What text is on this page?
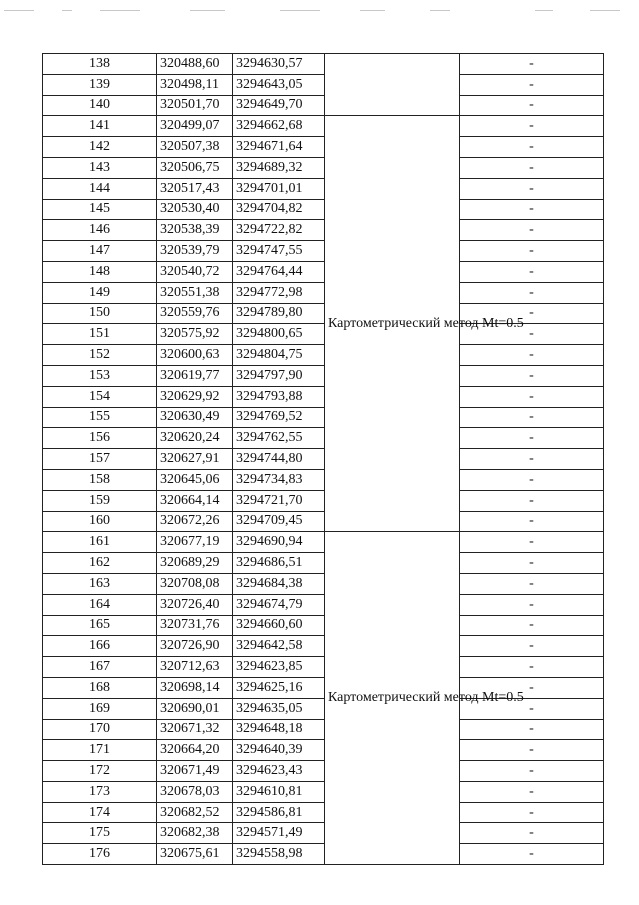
138	320488,60	3294630,57		-
139	320498,11	3294643,05		-
140	320501,70	3294649,70		-
141	320499,07	3294662,68	Картометрический метод Mt=0.5	-
142	320507,38	3294671,64		-
143	320506,75	3294689,32		-
144	320517,43	3294701,01		-
145	320530,40	3294704,82		-
146	320538,39	3294722,82		-
147	320539,79	3294747,55		-
148	320540,72	3294764,44		-
149	320551,38	3294772,98		-
150	320559,76	3294789,80		-
151	320575,92	3294800,65		-
152	320600,63	3294804,75		-
153	320619,77	3294797,90		-
154	320629,92	3294793,88		-
155	320630,49	3294769,52		-
156	320620,24	3294762,55		-
157	320627,91	3294744,80		-
158	320645,06	3294734,83		-
159	320664,14	3294721,70		-
160	320672,26	3294709,45		-
161	320677,19	3294690,94	Картометрический метод Mt=0.5	-
162	320689,29	3294686,51		-
163	320708,08	3294684,38		-
164	320726,40	3294674,79		-
165	320731,76	3294660,60		-
166	320726,90	3294642,58		-
167	320712,63	3294623,85		-
168	320698,14	3294625,16		-
169	320690,01	3294635,05		-
170	320671,32	3294648,18		-
171	320664,20	3294640,39		-
172	320671,49	3294623,43		-
173	320678,03	3294610,81		-
174	320682,52	3294586,81		-
175	320682,38	3294571,49		-
176	320675,61	3294558,98		-
